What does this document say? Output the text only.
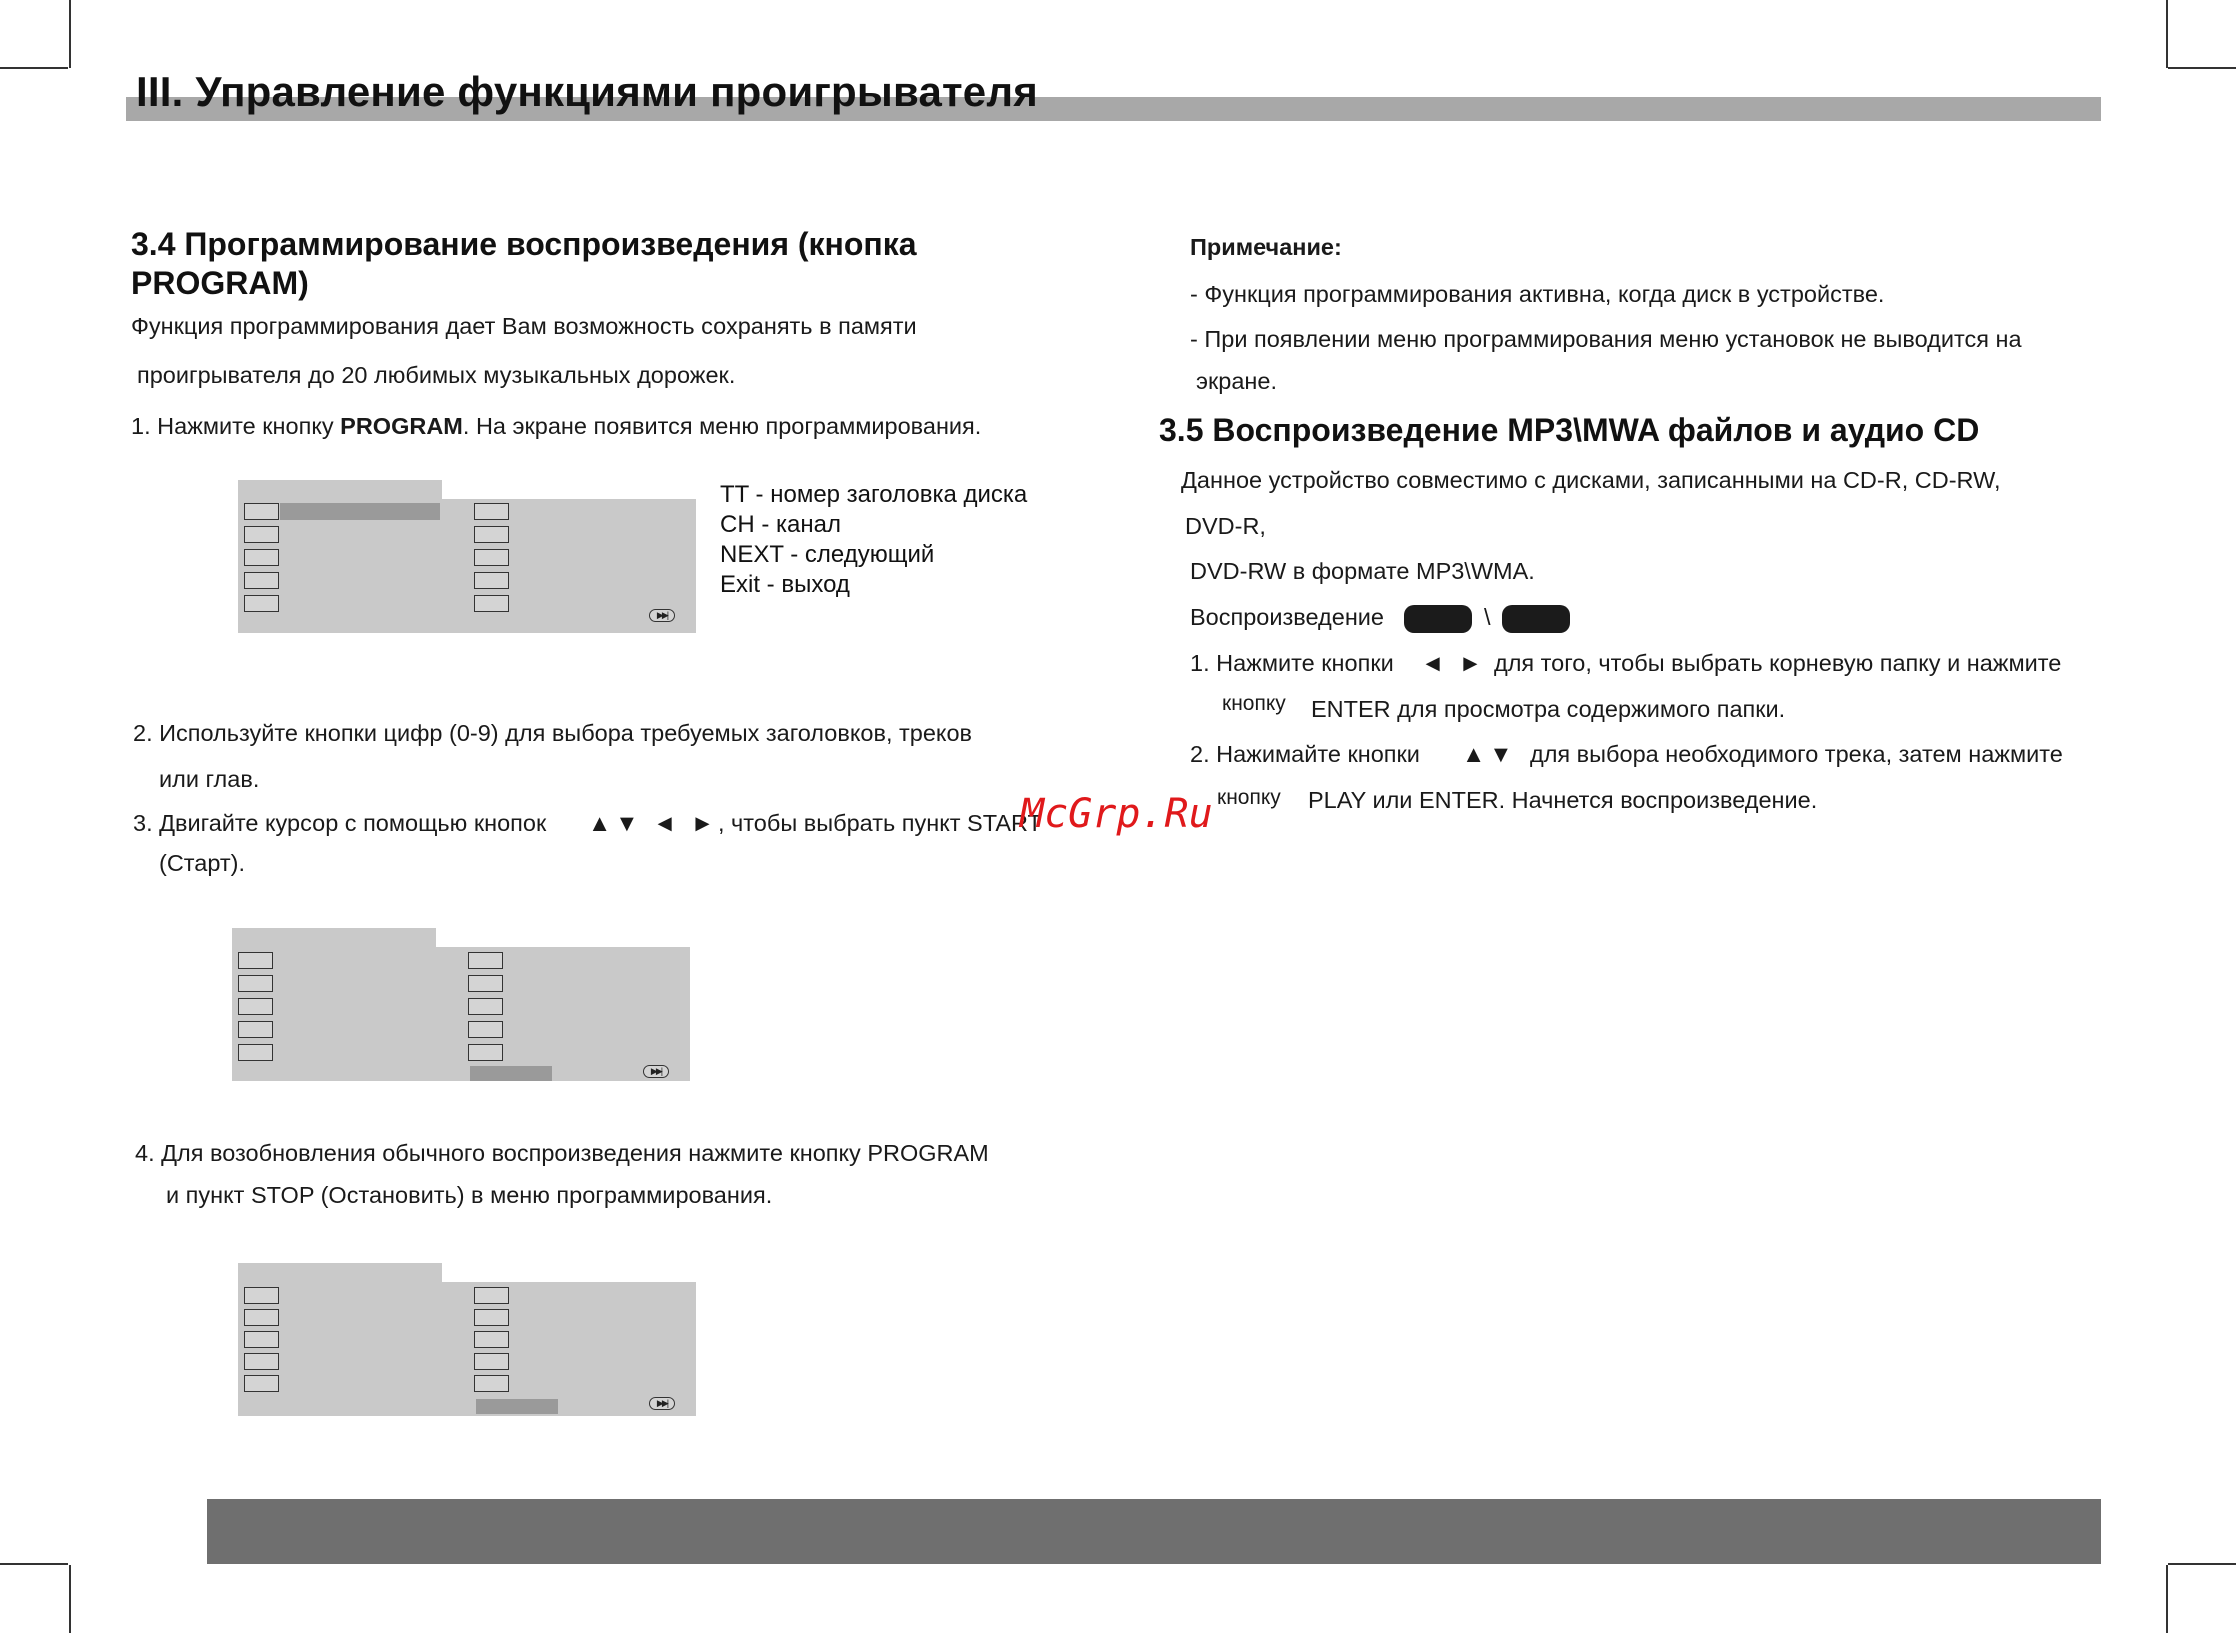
III. Управление функциями проигрывателя
3.4 Программирование воспроизведения (кнопка
PROGRAM)
Функция программирования дает Вам возможность сохранять в памяти
проигрывателя до 20 любимых музыкальных дорожек.
1. Нажмите кнопку PROGRAM. На экране появится меню программирования.
▶▶|
TT - номер заголовка диска
CH - канал
NEXT - следующий
Exit - выход
2. Используйте кнопки цифр (0-9) для выбора требуемых заголовков, треков
или глав.
3. Двигайте курсор с помощью кнопок ▲▼ ◄ ► , чтобы выбрать пункт START
(Старт).
▶▶|
4. Для возобновления обычного воспроизведения нажмите кнопку PROGRAM
и пункт STOP (Остановить) в меню программирования.
▶▶|
Примечание:
- Функция программирования активна, когда диск в устройстве.
- При появлении меню программирования меню установок не выводится на
экране.
3.5 Воспроизведение MP3\MWA файлов и аудио CD
Данное устройство совместимо с дисками, записанными на CD-R, CD-RW,
DVD-R,
DVD-RW в формате MP3\WMA.
Воспроизведение	\
1. Нажмите кнопки ◄ ► для того, чтобы выбрать корневую папку и нажмите
кнопку ENTER для просмотра содержимого папки.
2. Нажимайте кнопки ▲▼ для выбора необходимого трека, затем нажмите
кнопку PLAY или ENTER. Начнется воспроизведение.
McGrp.Ru
